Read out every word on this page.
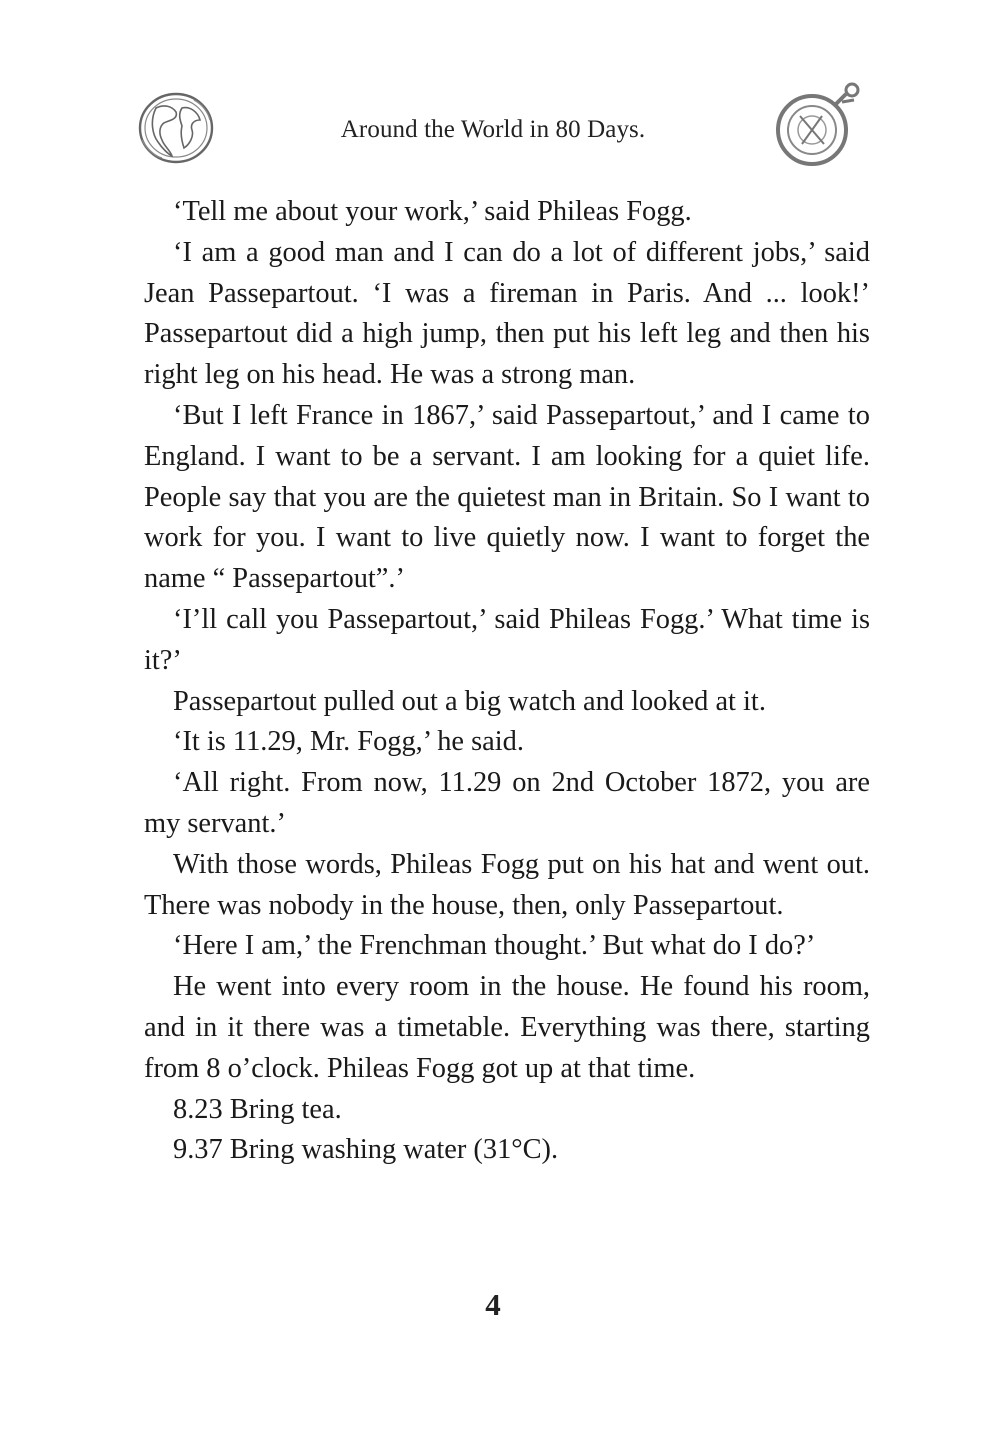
Around the World in 80 Days.

‘Tell me about your work,’ said Phileas Fogg.

‘I am a good man and I can do a lot of different jobs,’ said Jean Passepartout. ‘I was a fireman in Paris. And ... look!’ Passepartout did a high jump, then put his left leg and then his right leg on his head. He was a strong man.

‘But I left France in 1867,’ said Passepartout,’ and I came to England. I want to be a servant. I am looking for a quiet life. People say that you are the quietest man in Britain. So I want to work for you. I want to live quietly now. I want to forget the name “ Passepartout”.’

‘I’ll call you Passepartout,’ said Phileas Fogg.’ What time is it?’

Passepartout pulled out a big watch and looked at it.

‘It is 11.29, Mr. Fogg,’ he said.

‘All right. From now, 11.29 on 2nd October 1872, you are my servant.’

With those words, Phileas Fogg put on his hat and went out. There was nobody in the house, then, only Passepartout.

‘Here I am,’ the Frenchman thought.’ But what do I do?’

He went into every room in the house. He found his room, and in it there was a timetable. Everything was there, starting from 8 o’clock. Phileas Fogg got up at that time.

8.23 Bring tea.

9.37 Bring washing water (31°C).

4
